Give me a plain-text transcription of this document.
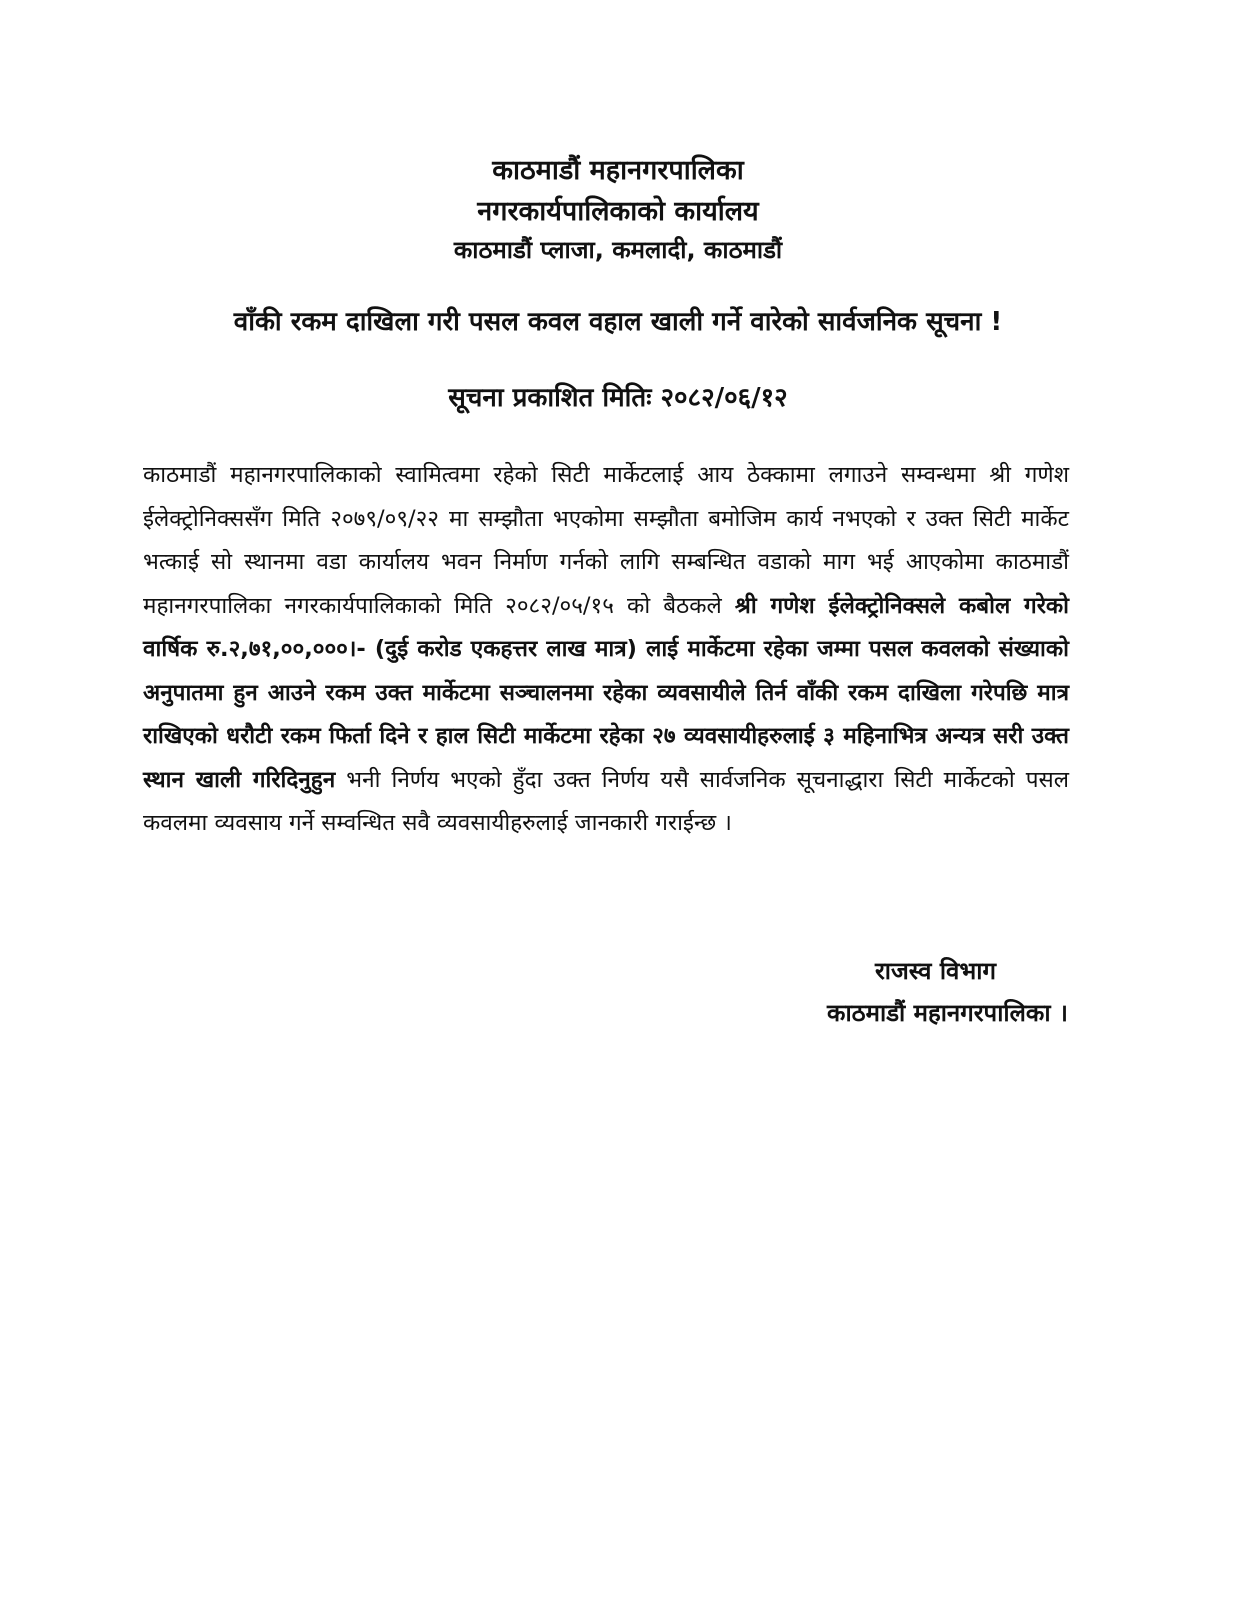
काठमाडौं महानगरपालिका
नगरकार्यपालिकाको कार्यालय
काठमाडौं प्लाजा, कमलादी, काठमाडौं
वाँकी रकम दाखिला गरी पसल कवल वहाल खाली गर्ने वारेको सार्वजनिक सूचना !
सूचना प्रकाशित मितिः २०८२/०६/१२
काठमाडौं महानगरपालिकाको स्वामित्वमा रहेको सिटी मार्केटलाई आय ठेक्कामा लगाउने सम्वन्धमा श्री गणेश ईलेक्ट्रोनिक्ससँग मिति २०७९/०९/२२ मा सम्झौता भएकोमा सम्झौता बमोजिम कार्य नभएको र उक्त सिटी मार्केट भत्काई सो स्थानमा वडा कार्यालय भवन निर्माण गर्नको लागि सम्बन्धित वडाको माग भई आएकोमा काठमाडौं महानगरपालिका नगरकार्यपालिकाको मिति २०८२/०५/१५ को बैठकले श्री गणेश ईलेक्ट्रोनिक्सले कबोल गरेको वार्षिक रु.२,७१,००,०००।- (दुई करोड एकहत्तर लाख मात्र) लाई मार्केटमा रहेका जम्मा पसल कवलको संख्याको अनुपातमा हुन आउने रकम उक्त मार्केटमा सञ्चालनमा रहेका व्यवसायीले तिर्न वाँकी रकम दाखिला गरेपछि मात्र राखिएको धरौटी रकम फिर्ता दिने र हाल सिटी मार्केटमा रहेका २७ व्यवसायीहरुलाई ३ महिनाभित्र अन्यत्र सरी उक्त स्थान खाली गरिदिनुहुन भनी निर्णय भएको हुँदा उक्त निर्णय यसै सार्वजनिक सूचनाद्धारा सिटी मार्केटको पसल कवलमा व्यवसाय गर्ने सम्वन्धित सवै व्यवसायीहरुलाई जानकारी गराईन्छ ।
राजस्व विभाग
काठमाडौं महानगरपालिका ।
